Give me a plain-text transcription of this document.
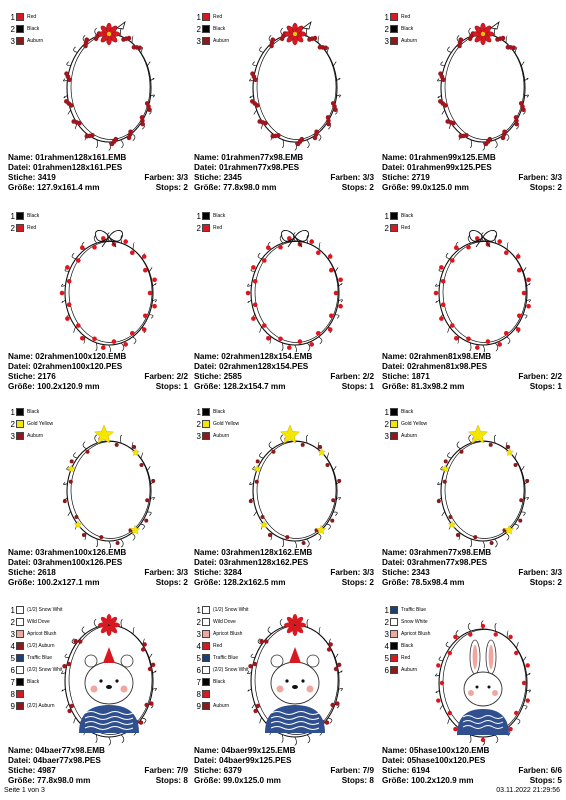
1 Red
2 Black
3 Auburn
Name: 01rahmen128x161.EMB
Datei: 01rahmen128x161.PES
Stiche: 3419	Farben: 3/3
Größe: 127.9x161.4 mm	Stops: 2
1 Red
2 Black
3 Auburn
Name: 01rahmen77x98.EMB
Datei: 01rahmen77x98.PES
Stiche: 2345	Farben: 3/3
Größe: 77.8x98.0 mm	Stops: 2
1 Red
2 Black
3 Auburn
Name: 01rahmen99x125.EMB
Datei: 01rahmen99x125.PES
Stiche: 2719	Farben: 3/3
Größe: 99.0x125.0 mm	Stops: 2
1 Black
2 Red
Name: 02rahmen100x120.EMB
Datei: 02rahmen100x120.PES
Stiche: 2176	Farben: 2/2
Größe: 100.2x120.9 mm	Stops: 1
1 Black
2 Red
Name: 02rahmen128x154.EMB
Datei: 02rahmen128x154.PES
Stiche: 2585	Farben: 2/2
Größe: 128.2x154.7 mm	Stops: 1
1 Black
2 Red
Name: 02rahmen81x98.EMB
Datei: 02rahmen81x98.PES
Stiche: 1871	Farben: 2/2
Größe: 81.3x98.2 mm	Stops: 1
1 Black
2 Gold Yellow
3 Auburn
Name: 03rahmen100x126.EMB
Datei: 03rahmen100x126.PES
Stiche: 2618	Farben: 3/3
Größe: 100.2x127.1 mm	Stops: 2
1 Black
2 Gold Yellow
3 Auburn
Name: 03rahmen128x162.EMB
Datei: 03rahmen128x162.PES
Stiche: 3284	Farben: 3/3
Größe: 128.2x162.5 mm	Stops: 2
1 Black
2 Gold Yellow
3 Auburn
Name: 03rahmen77x98.EMB
Datei: 03rahmen77x98.PES
Stiche: 2343	Farben: 3/3
Größe: 78.5x98.4 mm	Stops: 2
1 (1/2) Snow Whit
2 Wild Dove
3 Apricot Blush
4 (1/2) Auburn
5 Traffic Blue
6 (2/2) Snow Whit
7 Black
8
9 (2/2) Auburn
Name: 04baer77x98.EMB
Datei: 04baer77x98.PES
Stiche: 4987	Farben: 7/9
Größe: 77.8x98.0 mm	Stops: 8
1 (1/2) Snow Whit
2 Wild Dove
3 Apricot Blush
4 Red
5 Traffic Blue
6 (2/2) Snow Whit
7 Black
8
9 Auburn
Name: 04baer99x125.EMB
Datei: 04baer99x125.PES
Stiche: 6379	Farben: 7/9
Größe: 99.0x125.0 mm	Stops: 8
1 Traffic Blue
2 Snow White
3 Apricot Blush
4 Black
5 Red
6 Auburn
Name: 05hase100x120.EMB
Datei: 05hase100x120.PES
Stiche: 6194	Farben: 6/6
Größe: 100.2x120.9 mm	Stops: 5
Seite 1 von 3	03.11.2022 21:29:56
